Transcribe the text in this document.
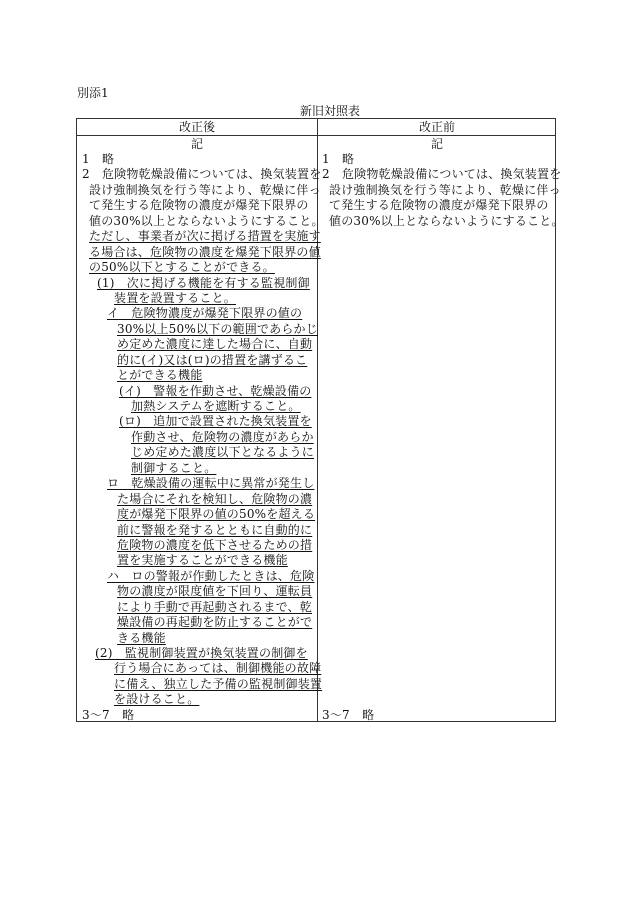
別添1
新旧対照表
改正後	改正前
記	記
1　略
2　危険物乾燥設備については、換気装置を
設け強制換気を行う等により、乾燥に伴っ
て発生する危険物の濃度が爆発下限界の
値の30%以上とならないようにすること。
ただし、事業者が次に掲げる措置を実施す
る場合は、危険物の濃度を爆発下限界の値
の50%以下とすることができる。
(1)　次に掲げる機能を有する監視制御
装置を設置すること。
イ　危険物濃度が爆発下限界の値の
30%以上50%以下の範囲であらかじ
め定めた濃度に達した場合に、自動
的に(イ)又は(ロ)の措置を講ずるこ
とができる機能
(イ)　警報を作動させ、乾燥設備の
加熱システムを遮断すること。
(ロ)　追加で設置された換気装置を
作動させ、危険物の濃度があらか
じめ定めた濃度以下となるように
制御すること。
ロ　乾燥設備の運転中に異常が発生し
た場合にそれを検知し、危険物の濃
度が爆発下限界の値の50%を超える
前に警報を発するとともに自動的に
危険物の濃度を低下させるための措
置を実施することができる機能
ハ　ロの警報が作動したときは、危険
物の濃度が限度値を下回り、運転員
により手動で再起動されるまで、乾
燥設備の再起動を防止することがで
きる機能
(2)　監視制御装置が換気装置の制御を
行う場合にあっては、制御機能の故障
に備え、独立した予備の監視制御装置
を設けること。
3〜7　略
1　略
2　危険物乾燥設備については、換気装置を
設け強制換気を行う等により、乾燥に伴っ
て発生する危険物の濃度が爆発下限界の
値の30%以上とならないようにすること。
3〜7　略
